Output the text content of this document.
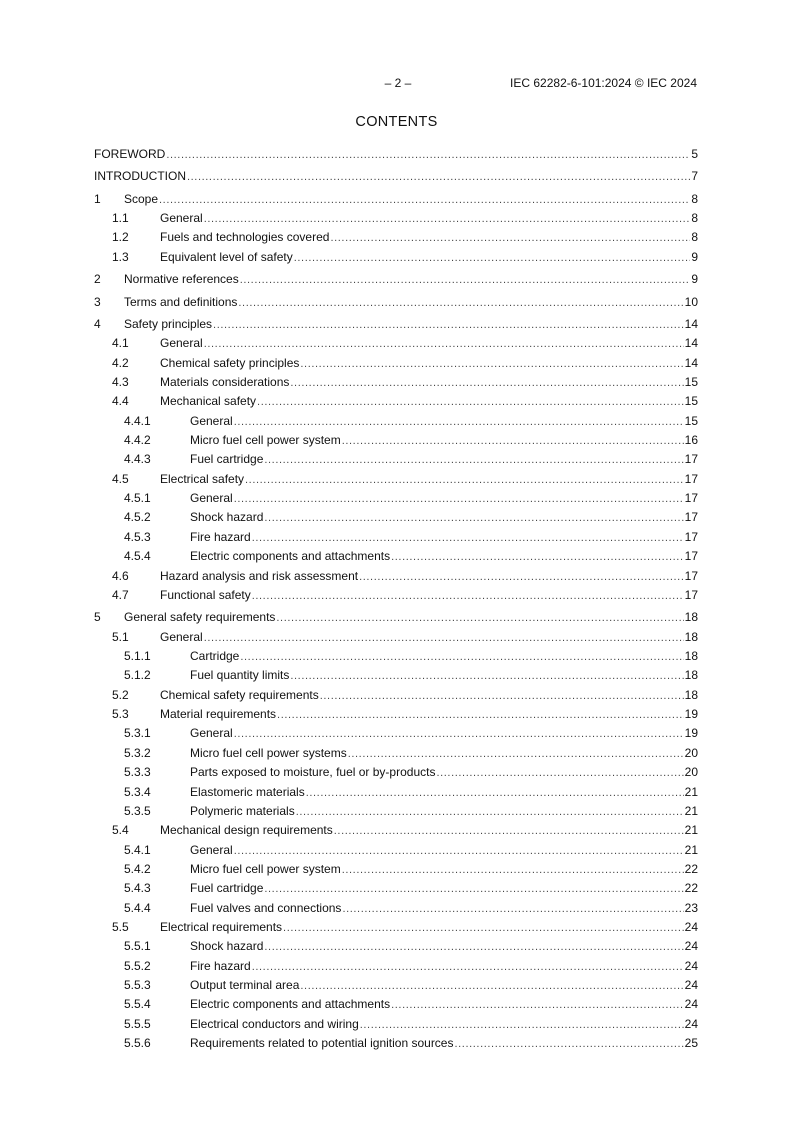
– 2 –	IEC 62282-6-101:2024 © IEC 2024
CONTENTS
FOREWORD .....	5
INTRODUCTION .....	7
1	Scope .....	8
1.1	General .....	8
1.2	Fuels and technologies covered .....	8
1.3	Equivalent level of safety .....	9
2	Normative references .....	9
3	Terms and definitions .....	10
4	Safety principles .....	14
4.1	General .....	14
4.2	Chemical safety principles .....	14
4.3	Materials considerations .....	15
4.4	Mechanical safety .....	15
4.4.1	General .....	15
4.4.2	Micro fuel cell power system .....	16
4.4.3	Fuel cartridge .....	17
4.5	Electrical safety .....	17
4.5.1	General .....	17
4.5.2	Shock hazard .....	17
4.5.3	Fire hazard .....	17
4.5.4	Electric components and attachments .....	17
4.6	Hazard analysis and risk assessment .....	17
4.7	Functional safety .....	17
5	General safety requirements .....	18
5.1	General .....	18
5.1.1	Cartridge .....	18
5.1.2	Fuel quantity limits .....	18
5.2	Chemical safety requirements .....	18
5.3	Material requirements .....	19
5.3.1	General .....	19
5.3.2	Micro fuel cell power systems .....	20
5.3.3	Parts exposed to moisture, fuel or by-products .....	20
5.3.4	Elastomeric materials .....	21
5.3.5	Polymeric materials .....	21
5.4	Mechanical design requirements .....	21
5.4.1	General .....	21
5.4.2	Micro fuel cell power system .....	22
5.4.3	Fuel cartridge .....	22
5.4.4	Fuel valves and connections .....	23
5.5	Electrical requirements .....	24
5.5.1	Shock hazard .....	24
5.5.2	Fire hazard .....	24
5.5.3	Output terminal area .....	24
5.5.4	Electric components and attachments .....	24
5.5.5	Electrical conductors and wiring .....	24
5.5.6	Requirements related to potential ignition sources .....	25
